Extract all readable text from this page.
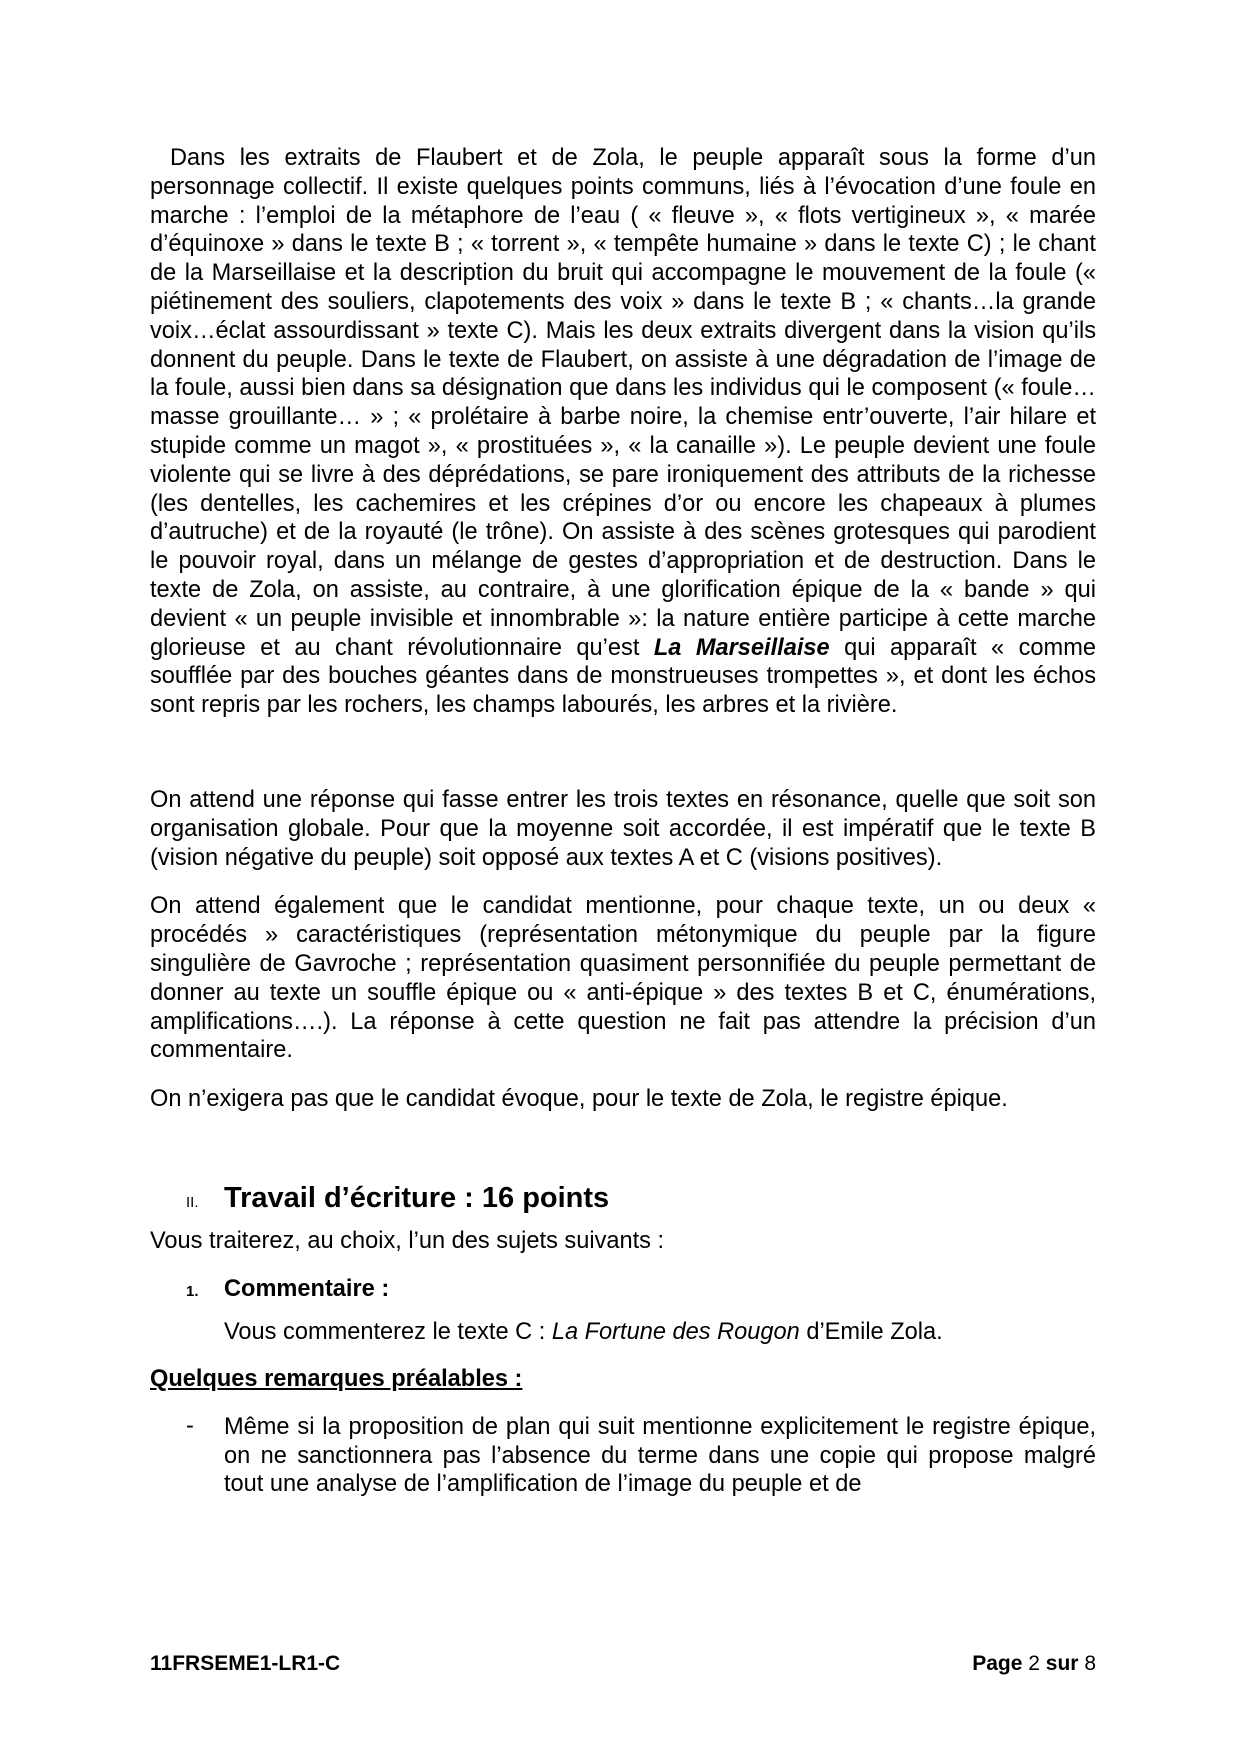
Dans les extraits de Flaubert et de Zola, le peuple apparaît sous la forme d’un personnage collectif. Il existe quelques points communs, liés à l’évocation d’une foule en marche : l’emploi de la métaphore de l’eau ( « fleuve », « flots vertigineux », « marée d’équinoxe » dans le texte B ; « torrent », « tempête humaine » dans le texte C) ; le chant de la Marseillaise et la description du bruit qui accompagne le mouvement de la foule (« piétinement des souliers, clapotements des voix » dans le texte B ; « chants…la grande voix…éclat assourdissant » texte C). Mais les deux extraits divergent dans la vision qu’ils donnent du peuple. Dans le texte de Flaubert, on assiste à une dégradation de l’image de la foule, aussi bien dans sa désignation que dans les individus qui le composent (« foule… masse grouillante… » ; « prolétaire à barbe noire, la chemise entr’ouverte, l’air hilare et stupide comme un magot », « prostituées », « la canaille »). Le peuple devient une foule violente qui se livre à des déprédations, se pare ironiquement des attributs de la richesse (les dentelles, les cachemires et les crépines d’or ou encore les chapeaux à plumes d’autruche) et de la royauté (le trône). On assiste à des scènes grotesques qui parodient le pouvoir royal, dans un mélange de gestes d’appropriation et de destruction. Dans le texte de Zola, on assiste, au contraire, à une glorification épique de la « bande » qui devient « un peuple invisible et innombrable »: la nature entière participe à cette marche glorieuse et au chant révolutionnaire qu’est La Marseillaise qui apparaît « comme soufflée par des bouches géantes dans de monstrueuses trompettes », et dont les échos sont repris par les rochers, les champs labourés, les arbres et la rivière.

On attend une réponse qui fasse entrer les trois textes en résonance, quelle que soit son organisation globale. Pour que la moyenne soit accordée, il est impératif que le texte B (vision négative du peuple) soit opposé aux textes A et C (visions positives).

On attend également que le candidat mentionne, pour chaque texte, un ou deux « procédés » caractéristiques (représentation métonymique du peuple par la figure singulière de Gavroche ; représentation quasiment personnifiée du peuple permettant de donner au texte un souffle épique ou « anti-épique » des textes B et C, énumérations, amplifications….). La réponse à cette question ne fait pas attendre la précision d’un commentaire.

On n’exigera pas que le candidat évoque, pour le texte de Zola, le registre épique.

II. Travail d’écriture : 16 points

Vous traiterez, au choix, l’un des sujets suivants :

1.	Commentaire :
Vous commenterez le texte C : La Fortune des Rougon d’Emile Zola.
Quelques remarques préalables :
-	Même si la proposition de plan qui suit mentionne explicitement le registre épique, on ne sanctionnera pas l’absence du terme dans une copie qui propose malgré tout une analyse de l’amplification de l’image du peuple et de
11FRSEME1-LR1-C	Page 2 sur 8
